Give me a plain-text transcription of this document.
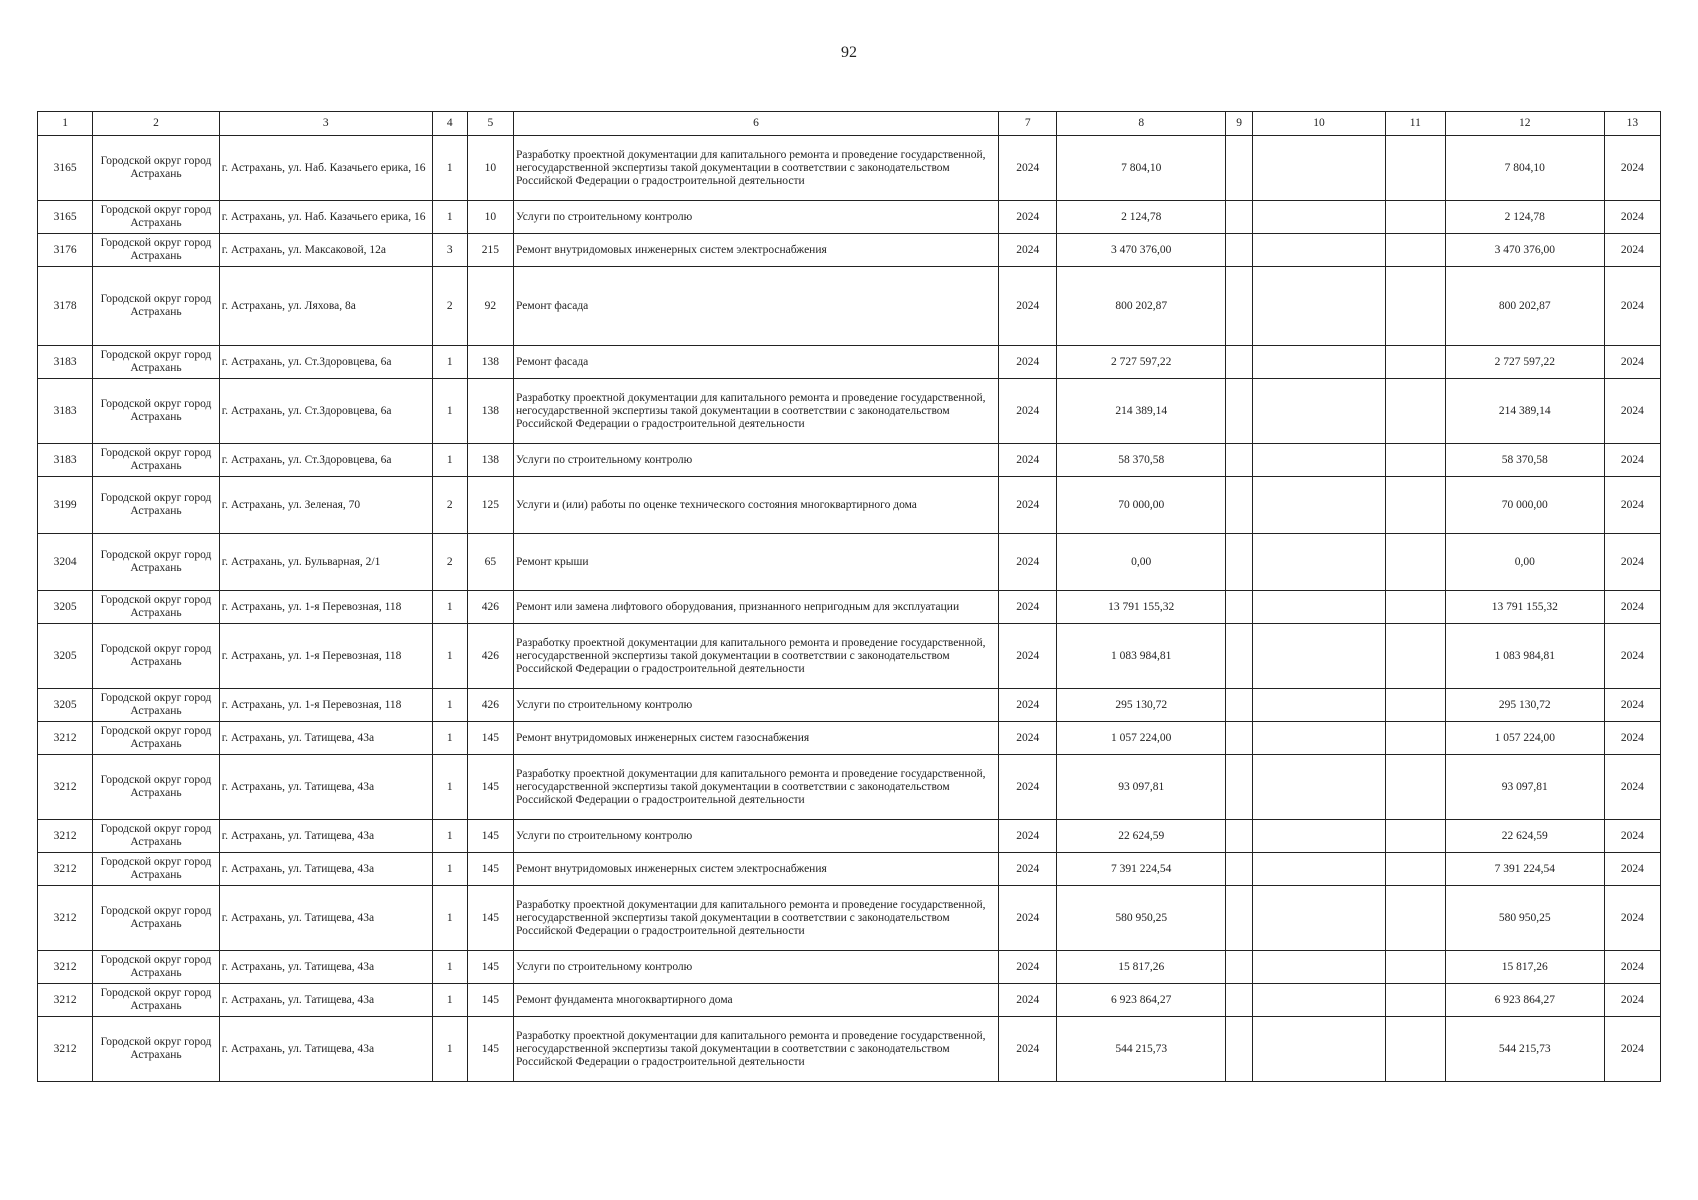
92
1	2	3	4	5	6	7	8	9	10	11	12	13
3165	Городской округ город Астрахань	г. Астрахань, ул. Наб. Казачьего ерика, 16	1	10	Разработку проектной документации для капитального ремонта и проведение государственной, негосударственной экспертизы такой документации в соответствии с законодательством Российской Федерации о градостроительной деятельности	2024	7 804,10				7 804,10	2024
3165	Городской округ город Астрахань	г. Астрахань, ул. Наб. Казачьего ерика, 16	1	10	Услуги по строительному контролю	2024	2 124,78				2 124,78	2024
3176	Городской округ город Астрахань	г. Астрахань, ул. Максаковой, 12а	3	215	Ремонт внутридомовых инженерных систем электроснабжения	2024	3 470 376,00				3 470 376,00	2024
3178	Городской округ город Астрахань	г. Астрахань, ул. Ляхова, 8а	2	92	Ремонт фасада	2024	800 202,87				800 202,87	2024
3183	Городской округ город Астрахань	г. Астрахань, ул. Ст.Здоровцева, 6а	1	138	Ремонт фасада	2024	2 727 597,22				2 727 597,22	2024
3183	Городской округ город Астрахань	г. Астрахань, ул. Ст.Здоровцева, 6а	1	138	Разработку проектной документации для капитального ремонта и проведение государственной, негосударственной экспертизы такой документации в соответствии с законодательством Российской Федерации о градостроительной деятельности	2024	214 389,14				214 389,14	2024
3183	Городской округ город Астрахань	г. Астрахань, ул. Ст.Здоровцева, 6а	1	138	Услуги по строительному контролю	2024	58 370,58				58 370,58	2024
3199	Городской округ город Астрахань	г. Астрахань, ул. Зеленая, 70	2	125	Услуги и (или) работы по оценке технического состояния многоквартирного дома	2024	70 000,00				70 000,00	2024
3204	Городской округ город Астрахань	г. Астрахань, ул. Бульварная, 2/1	2	65	Ремонт крыши	2024	0,00				0,00	2024
3205	Городской округ город Астрахань	г. Астрахань, ул. 1-я Перевозная, 118	1	426	Ремонт или замена лифтового оборудования, признанного непригодным для эксплуатации	2024	13 791 155,32				13 791 155,32	2024
3205	Городской округ город Астрахань	г. Астрахань, ул. 1-я Перевозная, 118	1	426	Разработку проектной документации для капитального ремонта и проведение государственной, негосударственной экспертизы такой документации в соответствии с законодательством Российской Федерации о градостроительной деятельности	2024	1 083 984,81				1 083 984,81	2024
3205	Городской округ город Астрахань	г. Астрахань, ул. 1-я Перевозная, 118	1	426	Услуги по строительному контролю	2024	295 130,72				295 130,72	2024
3212	Городской округ город Астрахань	г. Астрахань, ул. Татищева, 43а	1	145	Ремонт внутридомовых инженерных систем газоснабжения	2024	1 057 224,00				1 057 224,00	2024
3212	Городской округ город Астрахань	г. Астрахань, ул. Татищева, 43а	1	145	Разработку проектной документации для капитального ремонта и проведение государственной, негосударственной экспертизы такой документации в соответствии с законодательством Российской Федерации о градостроительной деятельности	2024	93 097,81				93 097,81	2024
3212	Городской округ город Астрахань	г. Астрахань, ул. Татищева, 43а	1	145	Услуги по строительному контролю	2024	22 624,59				22 624,59	2024
3212	Городской округ город Астрахань	г. Астрахань, ул. Татищева, 43а	1	145	Ремонт внутридомовых инженерных систем электроснабжения	2024	7 391 224,54				7 391 224,54	2024
3212	Городской округ город Астрахань	г. Астрахань, ул. Татищева, 43а	1	145	Разработку проектной документации для капитального ремонта и проведение государственной, негосударственной экспертизы такой документации в соответствии с законодательством Российской Федерации о градостроительной деятельности	2024	580 950,25				580 950,25	2024
3212	Городской округ город Астрахань	г. Астрахань, ул. Татищева, 43а	1	145	Услуги по строительному контролю	2024	15 817,26				15 817,26	2024
3212	Городской округ город Астрахань	г. Астрахань, ул. Татищева, 43а	1	145	Ремонт фундамента многоквартирного дома	2024	6 923 864,27				6 923 864,27	2024
3212	Городской округ город Астрахань	г. Астрахань, ул. Татищева, 43а	1	145	Разработку проектной документации для капитального ремонта и проведение государственной, негосударственной экспертизы такой документации в соответствии с законодательством Российской Федерации о градостроительной деятельности	2024	544 215,73				544 215,73	2024
